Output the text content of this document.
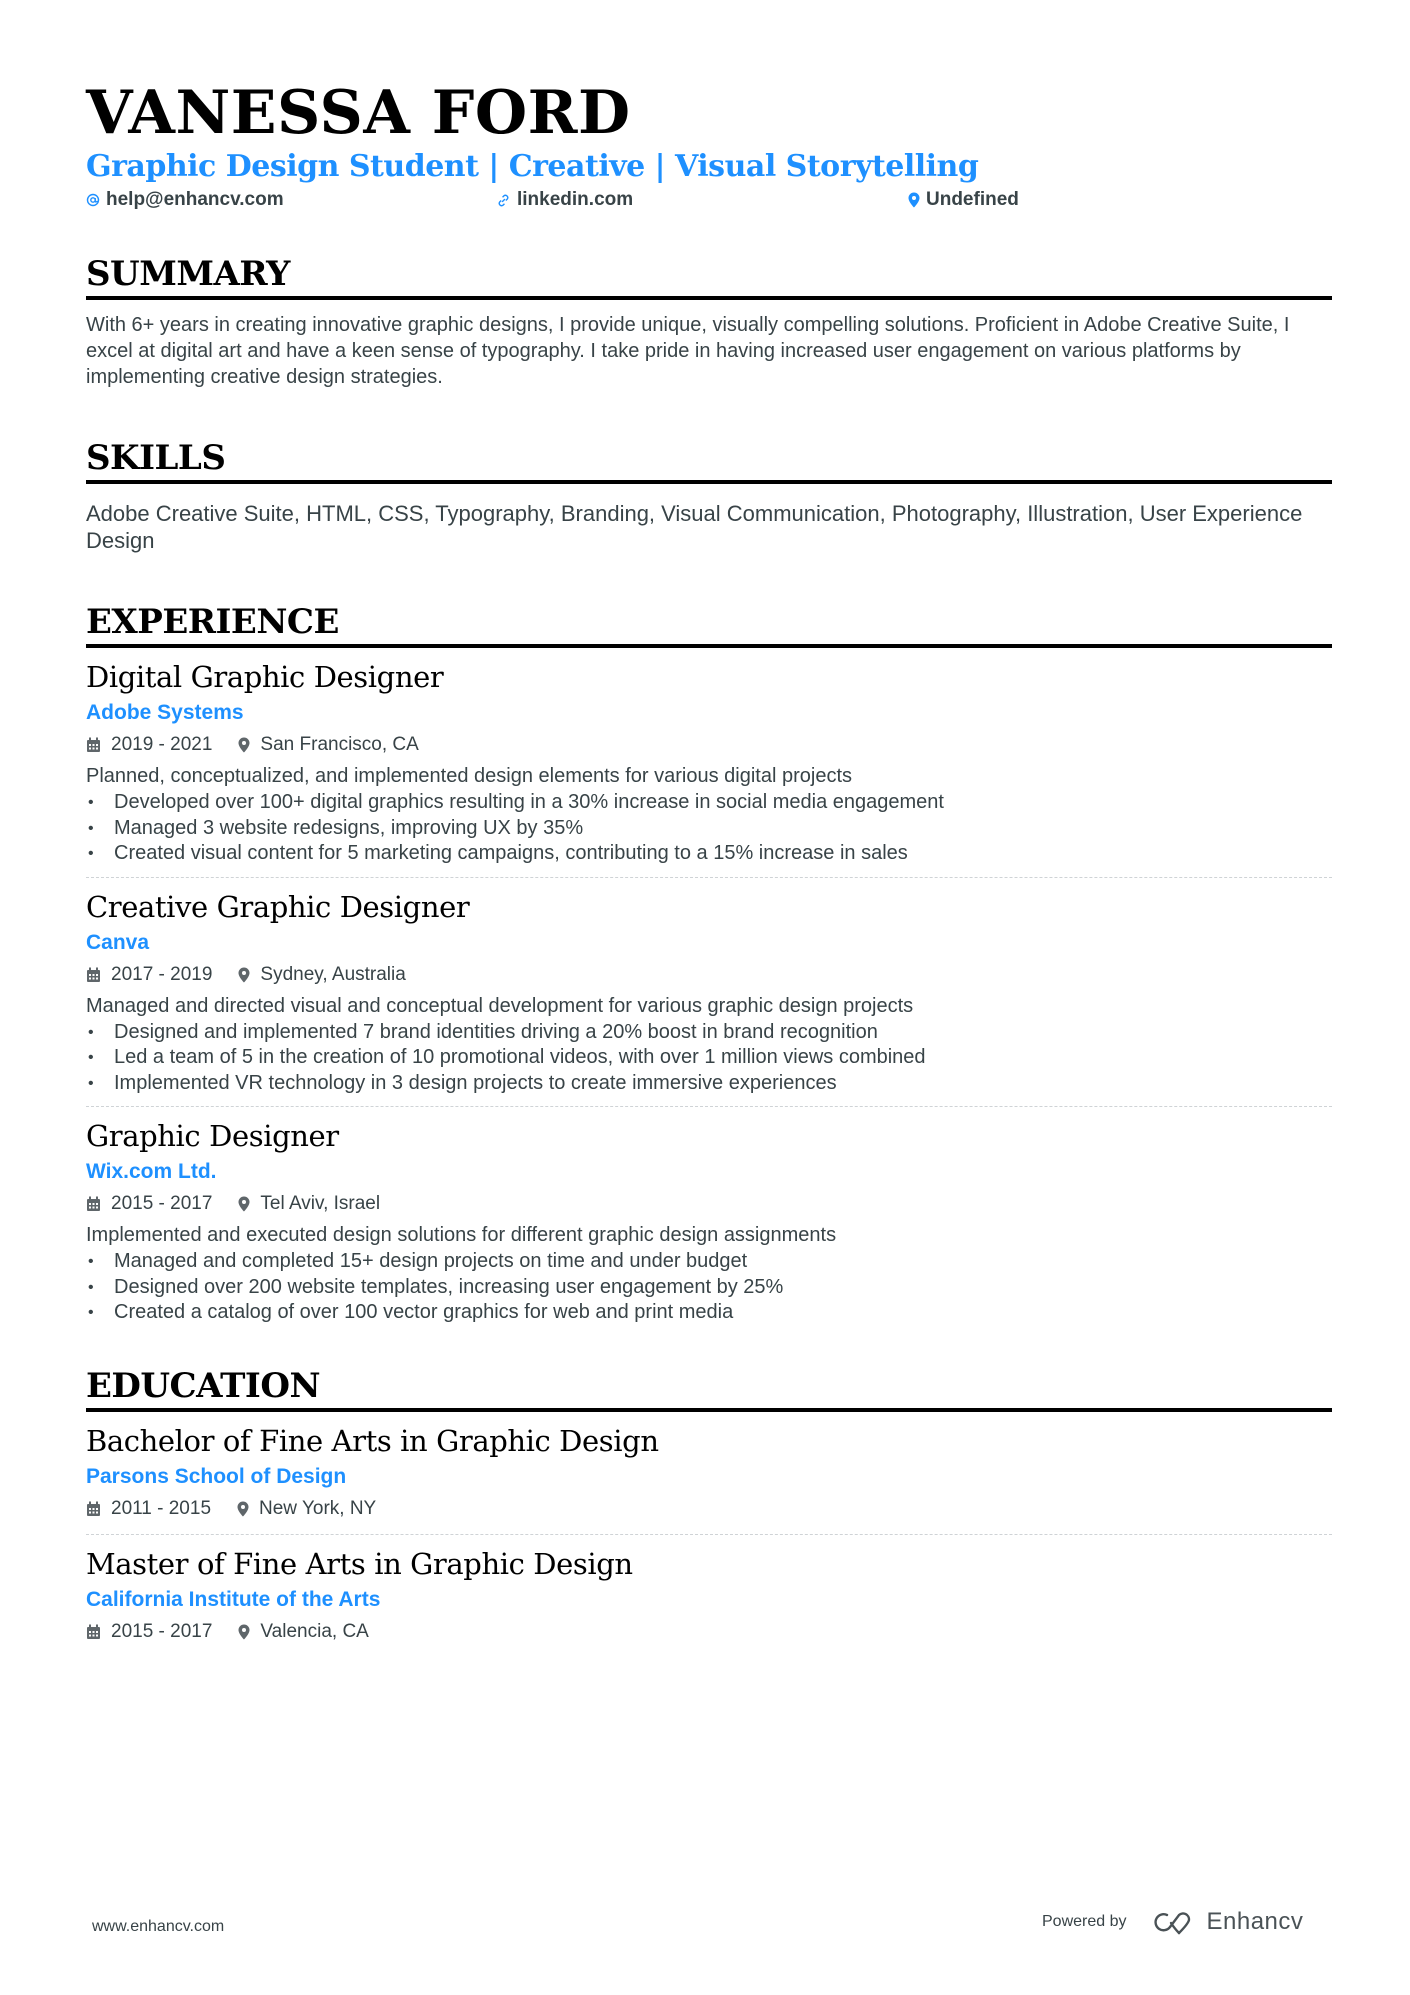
VANESSA FORD
Graphic Design Student | Creative | Visual Storytelling
help@enhancv.com	linkedin.com	Undefined
SUMMARY
With 6+ years in creating innovative graphic designs, I provide unique, visually compelling solutions. Proficient in Adobe Creative Suite, I excel at digital art and have a keen sense of typography. I take pride in having increased user engagement on various platforms by implementing creative design strategies.
SKILLS
Adobe Creative Suite, HTML, CSS, Typography, Branding, Visual Communication, Photography, Illustration, User Experience Design
EXPERIENCE
Digital Graphic Designer
Adobe Systems
2019 - 2021	San Francisco, CA
Planned, conceptualized, and implemented design elements for various digital projects
• Developed over 100+ digital graphics resulting in a 30% increase in social media engagement
• Managed 3 website redesigns, improving UX by 35%
• Created visual content for 5 marketing campaigns, contributing to a 15% increase in sales
Creative Graphic Designer
Canva
2017 - 2019	Sydney, Australia
Managed and directed visual and conceptual development for various graphic design projects
• Designed and implemented 7 brand identities driving a 20% boost in brand recognition
• Led a team of 5 in the creation of 10 promotional videos, with over 1 million views combined
• Implemented VR technology in 3 design projects to create immersive experiences
Graphic Designer
Wix.com Ltd.
2015 - 2017	Tel Aviv, Israel
Implemented and executed design solutions for different graphic design assignments
• Managed and completed 15+ design projects on time and under budget
• Designed over 200 website templates, increasing user engagement by 25%
• Created a catalog of over 100 vector graphics for web and print media
EDUCATION
Bachelor of Fine Arts in Graphic Design
Parsons School of Design
2011 - 2015	New York, NY
Master of Fine Arts in Graphic Design
California Institute of the Arts
2015 - 2017	Valencia, CA
www.enhancv.com	Powered by	Enhancv
